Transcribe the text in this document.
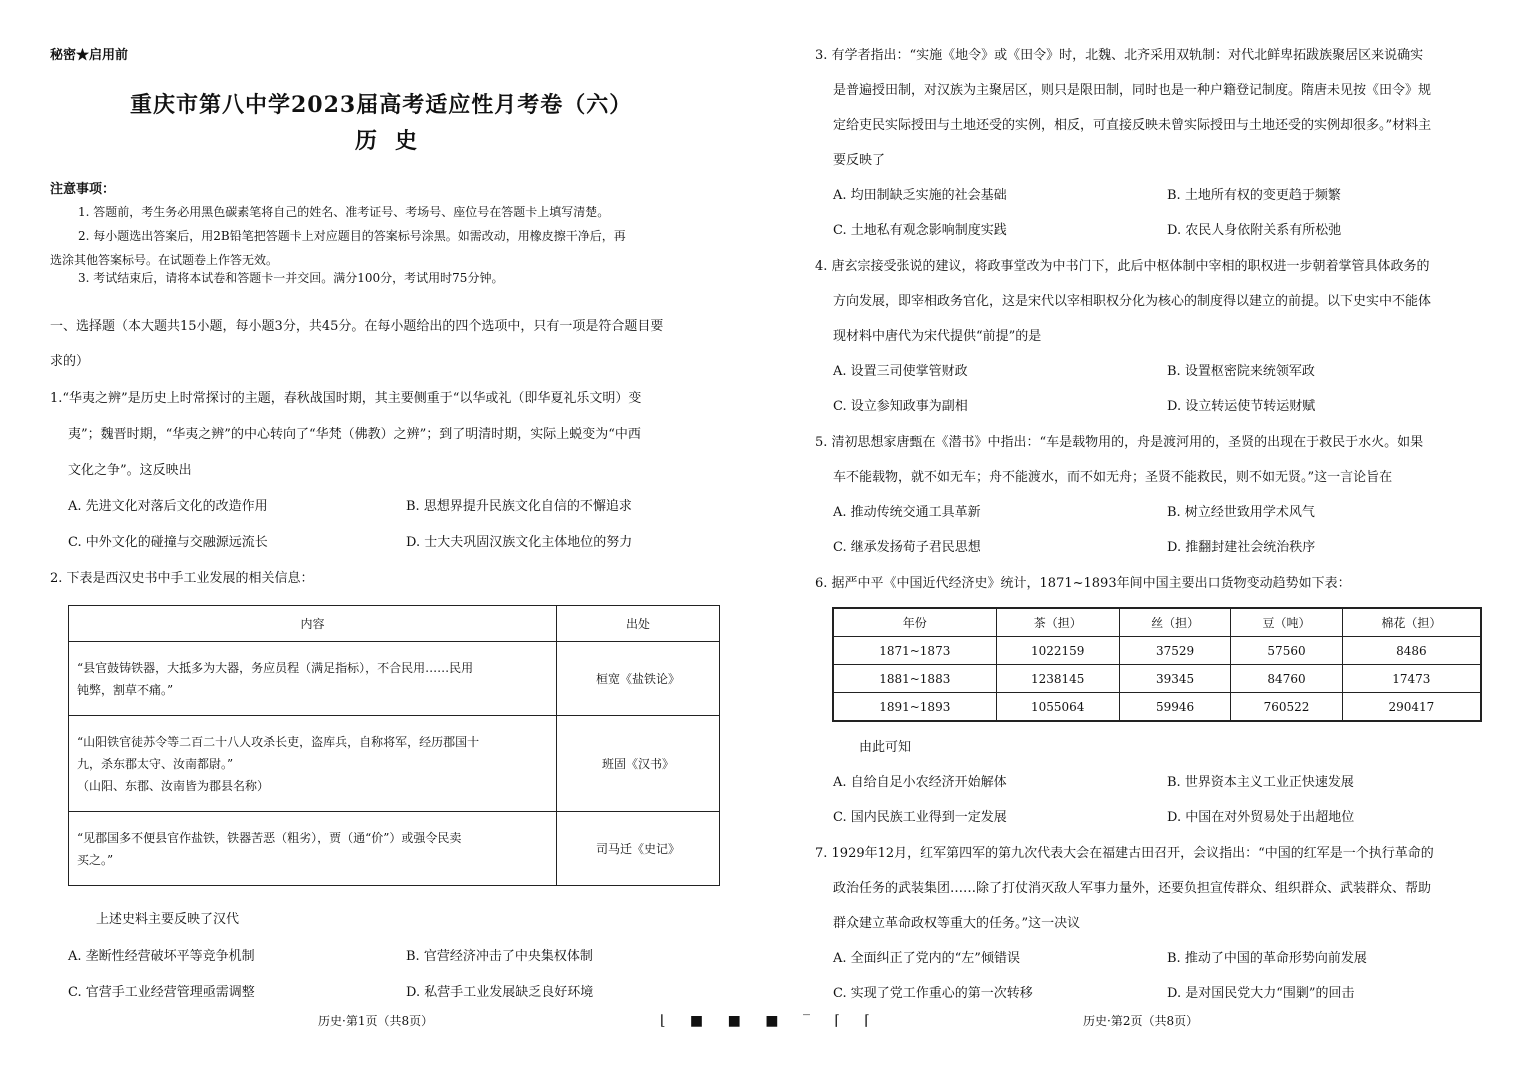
秘密★启用前
重庆市第八中学2023届高考适应性月考卷（六）
历史
注意事项：
1. 答题前，考生务必用黑色碳素笔将自己的姓名、准考证号、考场号、座位号在答题卡上填写清楚。
2. 每小题选出答案后，用2B铅笔把答题卡上对应题目的答案标号涂黑。如需改动，用橡皮擦干净后，再
选涂其他答案标号。在试题卷上作答无效。
3. 考试结束后，请将本试卷和答题卡一并交回。满分100分，考试用时75分钟。
一、选择题（本大题共15小题，每小题3分，共45分。在每小题给出的四个选项中，只有一项是符合题目要
求的）
1.“华夷之辨”是历史上时常探讨的主题，春秋战国时期，其主要侧重于“以华或礼（即华夏礼乐文明）变
夷”；魏晋时期，“华夷之辨”的中心转向了“华梵（佛教）之辨”；到了明清时期，实际上蜕变为“中西
文化之争”。这反映出
A. 先进文化对落后文化的改造作用	B. 思想界提升民族文化自信的不懈追求
C. 中外文化的碰撞与交融源远流长	D. 士大夫巩固汉族文化主体地位的努力
2. 下表是西汉史书中手工业发展的相关信息：
内容	出处

“县官鼓铸铁器，大抵多为大器，务应员程（满足指标），不合民用……民用
钝弊，割草不痛。”	桓宽《盐铁论》

“山阳铁官徒苏令等二百二十八人攻杀长吏，盗库兵，自称将军，经历郡国十
九，杀东郡太守、汝南都尉。”
（山阳、东郡、汝南皆为郡县名称）	班固《汉书》

“见郡国多不便县官作盐铁，铁器苦恶（粗劣），贾（通“价”）或强令民卖
买之。”	司马迁《史记》
上述史料主要反映了汉代
A. 垄断性经营破坏平等竞争机制	B. 官营经济冲击了中央集权体制
C. 官营手工业经营管理亟需调整	D. 私营手工业发展缺乏良好环境
历史·第1页（共8页）	⌊ ■ ■ ■ ‾ ⌈ ⌈
3. 有学者指出：“实施《地令》或《田令》时，北魏、北齐采用双轨制：对代北鲜卑拓跋族聚居区来说确实
是普遍授田制，对汉族为主聚居区，则只是限田制，同时也是一种户籍登记制度。隋唐未见按《田令》规
定给吏民实际授田与土地还受的实例，相反，可直接反映未曾实际授田与土地还受的实例却很多。”材料主
要反映了
A. 均田制缺乏实施的社会基础	B. 土地所有权的变更趋于频繁
C. 土地私有观念影响制度实践	D. 农民人身依附关系有所松弛
4. 唐玄宗接受张说的建议，将政事堂改为中书门下，此后中枢体制中宰相的职权进一步朝着掌管具体政务的
方向发展，即宰相政务官化，这是宋代以宰相职权分化为核心的制度得以建立的前提。以下史实中不能体
现材料中唐代为宋代提供“前提”的是
A. 设置三司使掌管财政	B. 设置枢密院来统领军政
C. 设立参知政事为副相	D. 设立转运使节转运财赋
5. 清初思想家唐甄在《潜书》中指出：“车是载物用的，舟是渡河用的，圣贤的出现在于救民于水火。如果
车不能载物，就不如无车；舟不能渡水，而不如无舟；圣贤不能救民，则不如无贤。”这一言论旨在
A. 推动传统交通工具革新	B. 树立经世致用学术风气
C. 继承发扬荀子君民思想	D. 推翻封建社会统治秩序
6. 据严中平《中国近代经济史》统计，1871~1893年间中国主要出口货物变动趋势如下表：
由此可知
A. 自给自足小农经济开始解体	B. 世界资本主义工业正快速发展
C. 国内民族工业得到一定发展	D. 中国在对外贸易处于出超地位
7. 1929年12月，红军第四军的第九次代表大会在福建古田召开，会议指出：“中国的红军是一个执行革命的
政治任务的武装集团……除了打仗消灭敌人军事力量外，还要负担宣传群众、组织群众、武装群众、帮助
群众建立革命政权等重大的任务。”这一决议
A. 全面纠正了党内的“左”倾错误	B. 推动了中国的革命形势向前发展
C. 实现了党工作重心的第一次转移	D. 是对国民党大力“围剿”的回击
历史·第2页（共8页）
年份	茶（担）	丝（担）	豆（吨）	棉花（担）
1871~1873	1022159	37529	57560	8486
1881~1883	1238145	39345	84760	17473
1891~1893	1055064	59946	760522	290417
